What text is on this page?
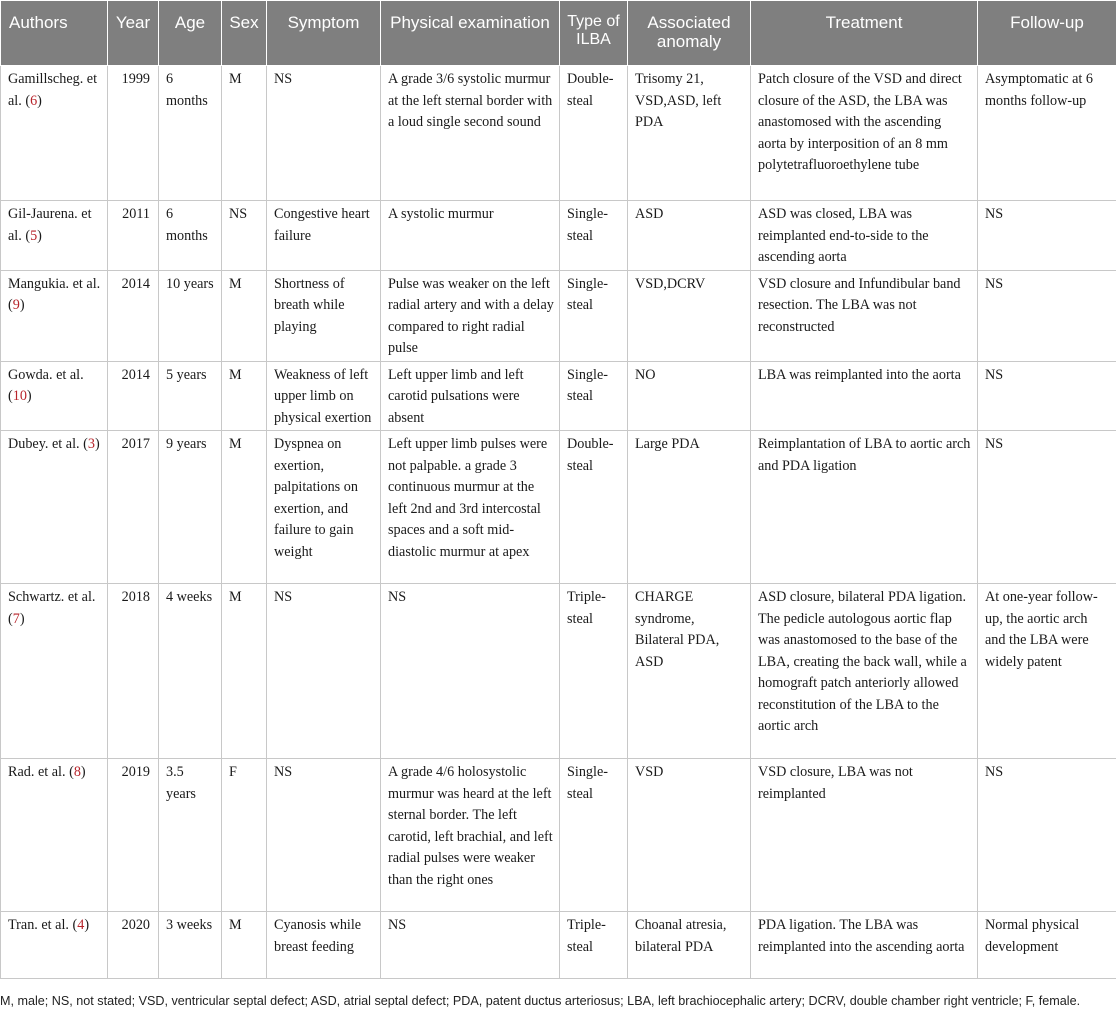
Authors	Year	Age	Sex	Symptom	Physical examination	Type of ILBA	Associated anomaly	Treatment	Follow-up
Gamillscheg. et al. (6)	1999	6 months	M	NS	A grade 3/6 systolic murmur at the left sternal border with a loud single second sound	Double-steal	Trisomy 21, VSD,ASD, left PDA	Patch closure of the VSD and direct closure of the ASD, the LBA was anastomosed with the ascending aorta by interposition of an 8 mm polytetrafluoroethylene tube	Asymptomatic at 6 months follow-up
Gil-Jaurena. et al. (5)	2011	6 months	NS	Congestive heart failure	A systolic murmur	Single-steal	ASD	ASD was closed, LBA was reimplanted end-to-side to the ascending aorta	NS
Mangukia. et al. (9)	2014	10 years	M	Shortness of breath while playing	Pulse was weaker on the left radial artery and with a delay compared to right radial pulse	Single-steal	VSD,DCRV	VSD closure and Infundibular band resection. The LBA was not reconstructed	NS
Gowda. et al. (10)	2014	5 years	M	Weakness of left upper limb on physical exertion	Left upper limb and left carotid pulsations were absent	Single-steal	NO	LBA was reimplanted into the aorta	NS
Dubey. et al. (3)	2017	9 years	M	Dyspnea on exertion, palpitations on exertion, and failure to gain weight	Left upper limb pulses were not palpable. a grade 3 continuous murmur at the left 2nd and 3rd intercostal spaces and a soft mid-diastolic murmur at apex	Double-steal	Large PDA	Reimplantation of LBA to aortic arch and PDA ligation	NS
Schwartz. et al. (7)	2018	4 weeks	M	NS	NS	Triple-steal	CHARGE syndrome, Bilateral PDA, ASD	ASD closure, bilateral PDA ligation. The pedicle autologous aortic flap was anastomosed to the base of the LBA, creating the back wall, while a homograft patch anteriorly allowed reconstitution of the LBA to the aortic arch	At one-year follow-up, the aortic arch and the LBA were widely patent
Rad. et al. (8)	2019	3.5 years	F	NS	A grade 4/6 holosystolic murmur was heard at the left sternal border. The left carotid, left brachial, and left radial pulses were weaker than the right ones	Single-steal	VSD	VSD closure, LBA was not reimplanted	NS
Tran. et al. (4)	2020	3 weeks	M	Cyanosis while breast feeding	NS	Triple-steal	Choanal atresia, bilateral PDA	PDA ligation. The LBA was reimplanted into the ascending aorta	Normal physical development
M, male; NS, not stated; VSD, ventricular septal defect; ASD, atrial septal defect; PDA, patent ductus arteriosus; LBA, left brachiocephalic artery; DCRV, double chamber right ventricle; F, female.
